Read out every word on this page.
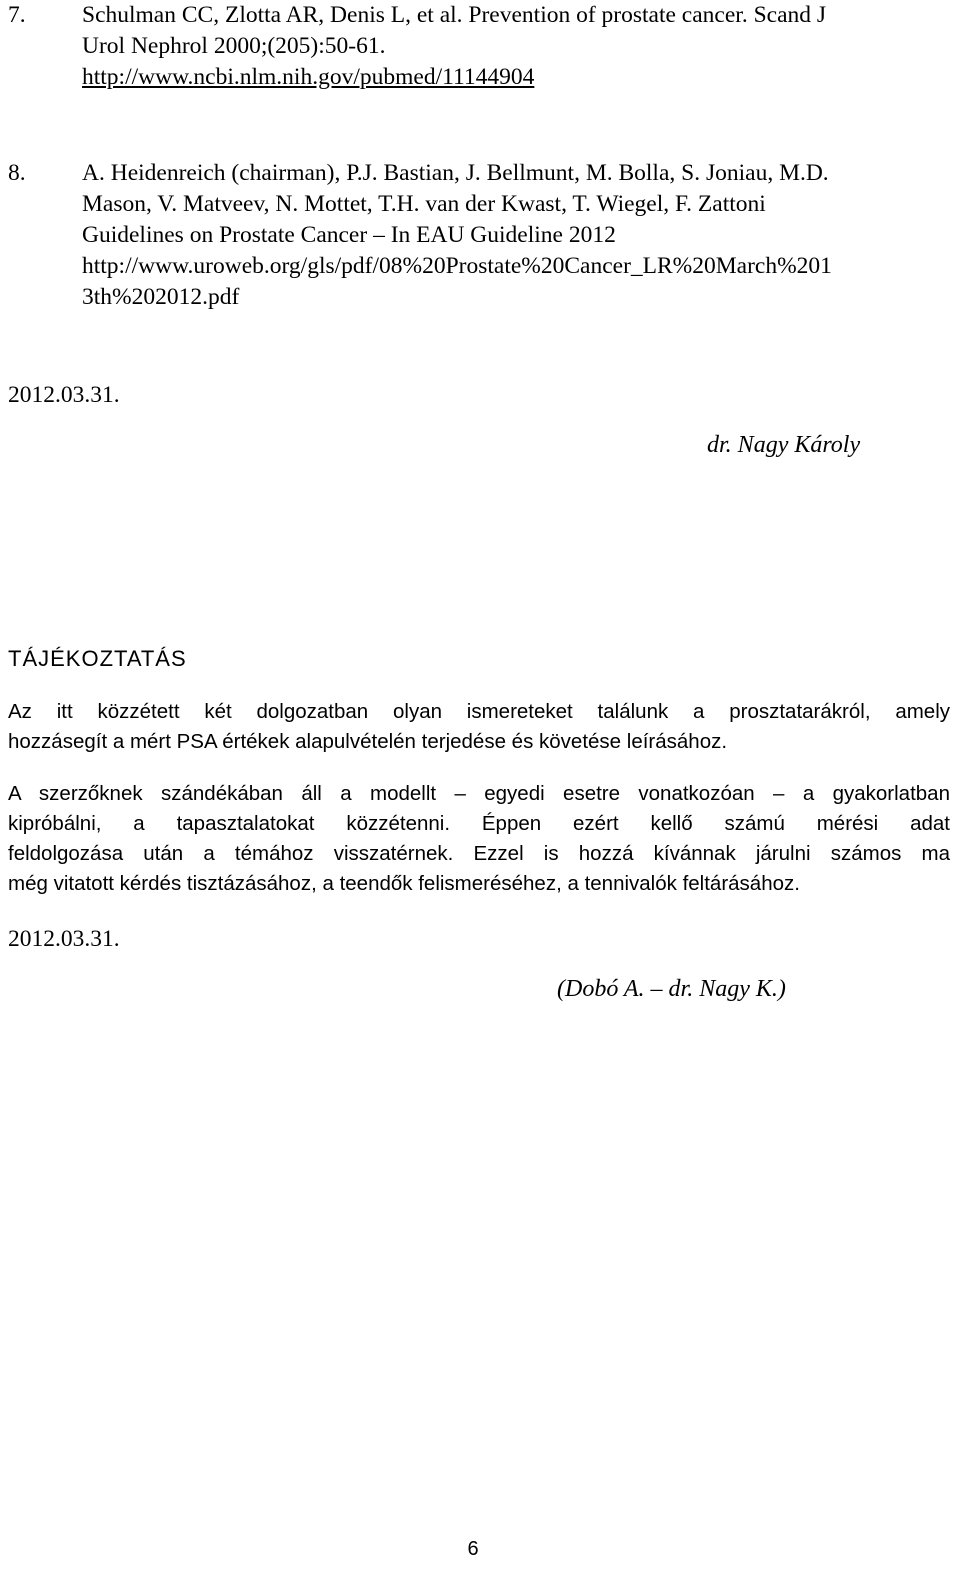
7.	Schulman CC, Zlotta AR, Denis L, et al. Prevention of prostate cancer. Scand J
Urol Nephrol 2000;(205):50-61.
http://www.ncbi.nlm.nih.gov/pubmed/11144904
8.	A. Heidenreich (chairman), P.J. Bastian, J. Bellmunt, M. Bolla, S. Joniau, M.D.
Mason, V. Matveev, N. Mottet, T.H. van der Kwast, T. Wiegel, F. Zattoni
Guidelines on Prostate Cancer – In EAU Guideline 2012
http://www.uroweb.org/gls/pdf/08%20Prostate%20Cancer_LR%20March%201
3th%202012.pdf
2012.03.31.
dr. Nagy Károly
TÁJÉKOZTATÁS
Az itt közzétett két dolgozatban olyan ismereteket találunk a prosztatarákról, amely
hozzásegít a mért PSA értékek alapulvételén terjedése és követése leírásához.
A szerzőknek szándékában áll a modellt – egyedi esetre vonatkozóan – a gyakorlatban
kipróbálni, a tapasztalatokat közzétenni. Éppen ezért kellő számú mérési adat
feldolgozása után a témához visszatérnek. Ezzel is hozzá kívánnak járulni számos ma
még vitatott kérdés tisztázásához, a teendők felismeréséhez, a tennivalók feltárásához.
2012.03.31.
(Dobó A. – dr. Nagy K.)
6
